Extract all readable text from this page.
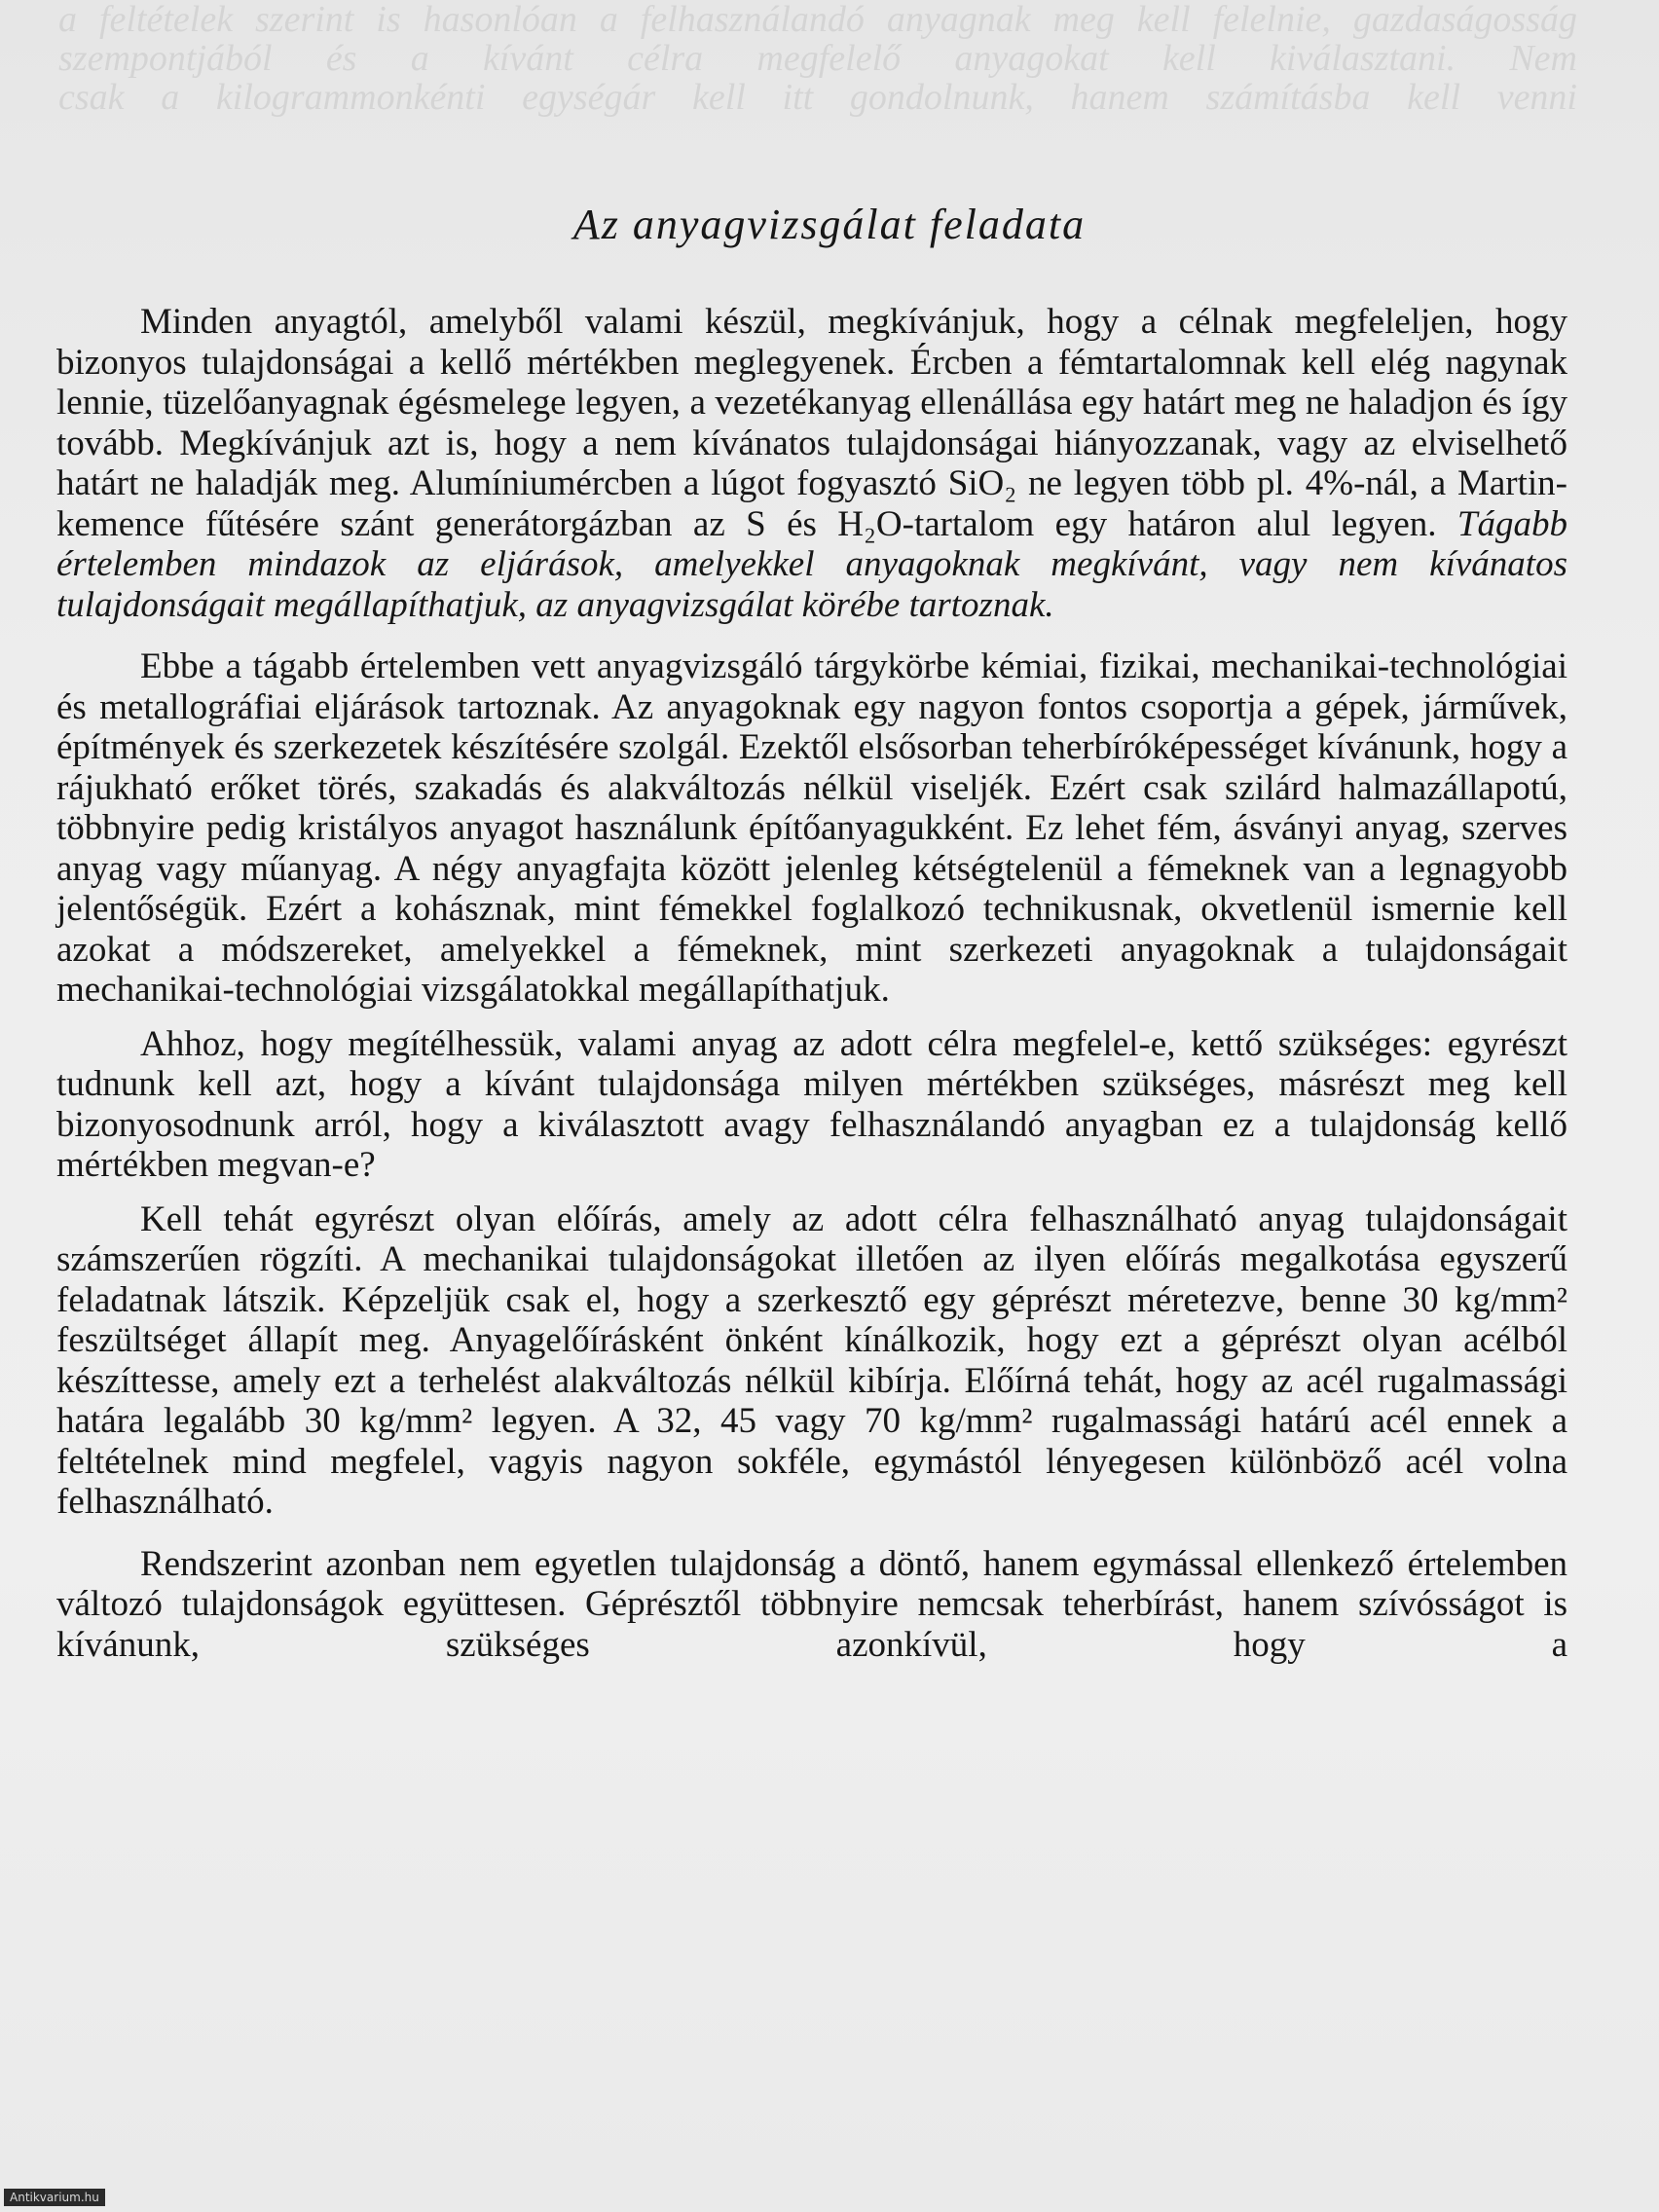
a feltételek szerint is hasonlóan a felhasználandó anyagnak meg kell felelnie, gazdaságosság

szempontjából és a kívánt célra megfelelő anyagokat kell kiválasztani. Nem

csak a kilogrammonkénti egységár kell itt gondolnunk, hanem számításba kell venni

Az anyagvizsgálat feladata

Minden anyagtól, amelyből valami készül, megkívánjuk, hogy a célnak megfeleljen, hogy bizonyos tulajdonságai a kellő mértékben meglegyenek. Ércben a fémtartalomnak kell elég nagynak lennie, tüzelőanyagnak égésmelege legyen, a vezetékanyag ellenállása egy határt meg ne haladjon és így tovább. Megkívánjuk azt is, hogy a nem kívánatos tulajdonságai hiányozzanak, vagy az elviselhető határt ne haladják meg. Alumíniumércben a lúgot fogyasztó SiO₂ ne legyen több pl. 4%-nál, a Martin-kemence fűtésére szánt generátorgázban az S és H₂O-tartalom egy határon alul legyen. Tágabb értelemben mindazok az eljárások, amelyekkel anyagoknak megkívánt, vagy nem kívánatos tulajdonságait megállapíthatjuk, az anyagvizsgálat körébe tartoznak.

Ebbe a tágabb értelemben vett anyagvizsgáló tárgykörbe kémiai, fizikai, mechanikai-technológiai és metallográfiai eljárások tartoznak. Az anyagoknak egy nagyon fontos csoportja a gépek, járművek, építmények és szerkezetek készítésére szolgál. Ezektől elsősorban teherbíróképességet kívánunk, hogy a rájukható erőket törés, szakadás és alakváltozás nélkül viseljék. Ezért csak szilárd halmazállapotú, többnyire pedig kristályos anyagot használunk építőanyagukként. Ez lehet fém, ásványi anyag, szerves anyag vagy műanyag. A négy anyagfajta között jelenleg kétségtelenül a fémeknek van a legnagyobb jelentőségük. Ezért a kohásznak, mint fémekkel foglalkozó technikusnak, okvetlenül ismernie kell azokat a módszereket, amelyekkel a fémeknek, mint szerkezeti anyagoknak a tulajdonságait mechanikai-technológiai vizsgálatokkal megállapíthatjuk.

Ahhoz, hogy megítélhessük, valami anyag az adott célra megfelel-e, kettő szükséges: egyrészt tudnunk kell azt, hogy a kívánt tulajdonsága milyen mértékben szükséges, másrészt meg kell bizonyosodnunk arról, hogy a kiválasztott avagy felhasználandó anyagban ez a tulajdonság kellő mértékben megvan-e?

Kell tehát egyrészt olyan előírás, amely az adott célra felhasználható anyag tulajdonságait számszerűen rögzíti. A mechanikai tulajdonságokat illetően az ilyen előírás megalkotása egyszerű feladatnak látszik. Képzeljük csak el, hogy a szerkesztő egy géprészt méretezve, benne 30 kg/mm² feszültséget állapít meg. Anyagelőírásként önként kínálkozik, hogy ezt a géprészt olyan acélból készíttesse, amely ezt a terhelést alakváltozás nélkül kibírja. Előírná tehát, hogy az acél rugalmassági határa legalább 30 kg/mm² legyen. A 32, 45 vagy 70 kg/mm² rugalmassági határú acél ennek a feltételnek mind megfelel, vagyis nagyon sokféle, egymástól lényegesen különböző acél volna felhasználható.

Rendszerint azonban nem egyetlen tulajdonság a döntő, hanem egymással ellenkező értelemben változó tulajdonságok együttesen. Géprésztől többnyire nemcsak teherbírást, hanem szívósságot is kívánunk, szükséges azonkívül, hogy a

Antikvarium.hu
